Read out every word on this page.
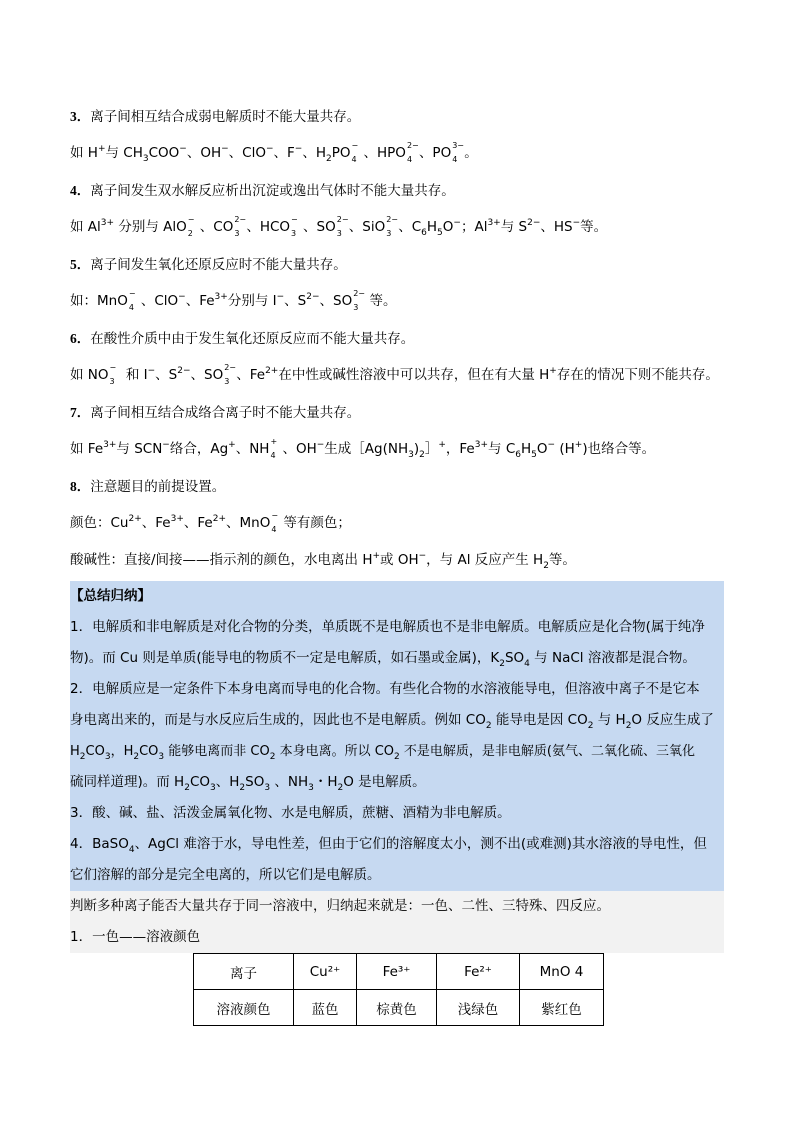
3．离子间相互结合成弱电解质时不能大量共存。
如 H+与 $CH_3COO^-$、OH−、ClO−、F−、$H_2PO$ −
4 、HPO 2−
4 、PO 3−
4 。
4．离子间发生双水解反应析出沉淀或逸出气体时不能大量共存。
如 $Al^{3+}$ 分别与 AlO −
2 、CO 2−
3 、HCO −
3 、SO 2−
3 、SiO 2−
3 、$C_6H_5O^-$；$Al^{3+}$与 $S^{2-}$、HS−等。
5．离子间发生氧化还原反应时不能大量共存。
如：MnO −
4 、ClO−、$Fe^{3+}$分别与 I−、$S^{2-}$、SO 2−
3 等。
6．在酸性介质中由于发生氧化还原反应而不能大量共存。
如 NO −
3 和 I−、$S^{2-}$、SO 2−
3 、$Fe^{2+}$在中性或碱性溶液中可以共存，但在有大量 H+存在的情况下则不能共存。
7．离子间相互结合成络合离子时不能大量共存。
如 $Fe^{3+}$与 SCN−络合，Ag+、NH +
4 、OH−生成$[Ag(NH_3)_2]^+$，$Fe^{3+}$与 $C_6H_5O^-$ (H+)也络合等。
8．注意题目的前提设置。
颜色：$Cu^{2+}$、$Fe^{3+}$、$Fe^{2+}$、MnO −
4 等有颜色；
酸碱性：直接/间接——指示剂的颜色，水电离出 H+或 OH−，与 Al 反应产生 $H_2$等。
【总结归纳】
1．电解质和非电解质是对化合物的分类，单质既不是电解质也不是非电解质。电解质应是化合物(属于纯净
物)。而 Cu 则是单质(能导电的物质不一定是电解质，如石墨或金属)，$K_2SO_4$ 与 NaCl 溶液都是混合物。
2．电解质应是一定条件下本身电离而导电的化合物。有些化合物的水溶液能导电，但溶液中离子不是它本
身电离出来的，而是与水反应后生成的，因此也不是电解质。例如 $CO_2$ 能导电是因 $CO_2$ 与 $H_2O$ 反应生成了
$H_2CO_3$，$H_2CO_3$ 能够电离而非 $CO_2$ 本身电离。所以 $CO_2$ 不是电解质，是非电解质(氨气、二氧化硫、三氧化
硫同样道理)。而 $H_2CO_3$、$H_2SO_3$ 、$NH_3$・$H_2O$ 是电解质。
3．酸、碱、盐、活泼金属氧化物、水是电解质，蔗糖、酒精为非电解质。
4．BaSO$_4$、AgCl 难溶于水，导电性差，但由于它们的溶解度太小，测不出(或难测)其水溶液的导电性，但
它们溶解的部分是完全电离的，所以它们是电解质。
判断多种离子能否大量共存于同一溶液中，归纳起来就是：一色、二性、三特殊、四反应。
1．一色——溶液颜色
离子	Cu²⁺	Fe³⁺	Fe²⁺	MnO 4
溶液颜色	蓝色	棕黄色	浅绿色	紫红色
